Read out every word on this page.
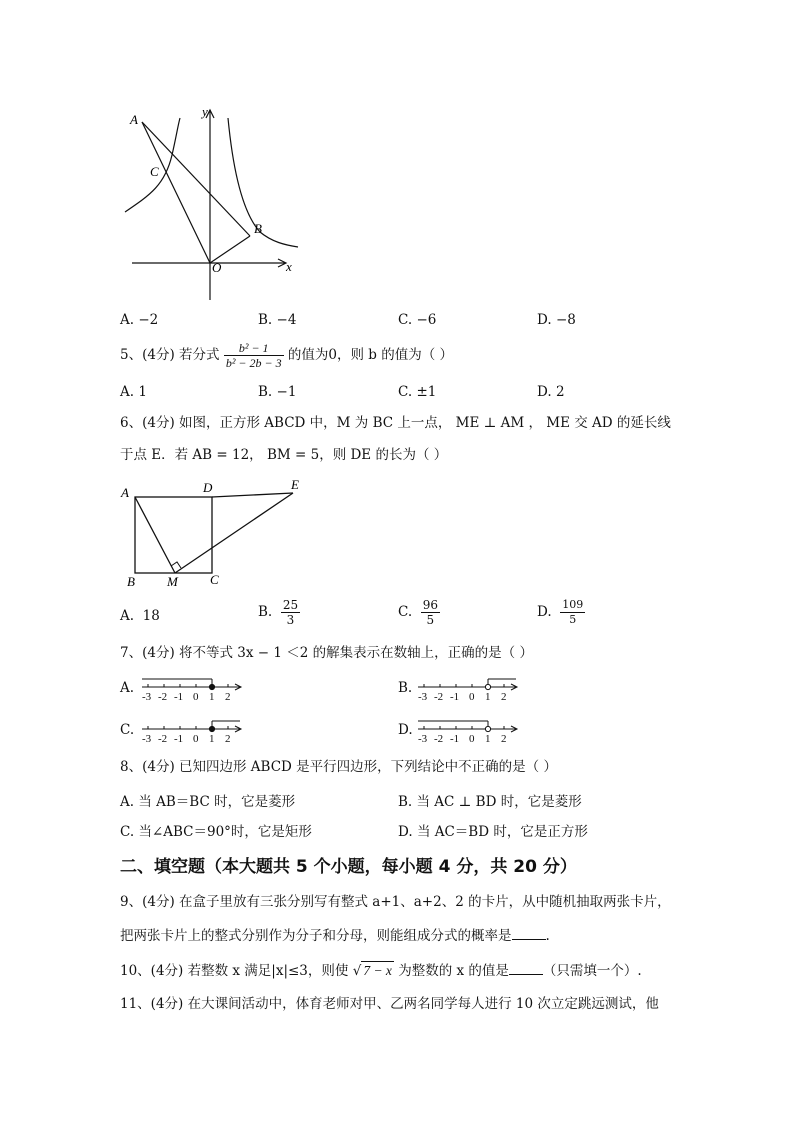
A
C
B
O	x
y
A. −2	B. −4	C. −6	D. −8
5、(4分) 若分式 $\frac{\text{b² − 1}}{\text{b² − 2b − 3}}$ 的值为0，则 b 的值为（ ）
A. 1	B. −1	C. ±1	D. 2
6、(4分) 如图，正方形 ABCD 中，M 为 BC 上一点， ME ⊥ AM ， ME 交 AD 的延长线
于点 E．若 AB = 12， BM = 5，则 DE 的长为（ ）
A	D	E
B M C
A. 18	B. $\frac{25}{3}$	C. $\frac{96}{5}$	D. $\frac{109}{5}$
7、(4分) 将不等式 3x − 1 ＜2 的解集表示在数轴上，正确的是（ ）
A.
-3 -2 -1 0 1 2
B.
-3 -2 -1 0 1 2
C.
-3 -2 -1 0 1 2
D.
-3 -2 -1 0 1 2
8、(4分) 已知四边形 ABCD 是平行四边形，下列结论中不正确的是（ ）
A. 当 AB＝BC 时，它是菱形	B. 当 AC ⊥ BD 时，它是菱形
C. 当∠ABC＝90°时，它是矩形	D. 当 AC＝BD 时，它是正方形
二、填空题（本大题共 5 个小题，每小题 4 分，共 20 分）
9、(4分) 在盒子里放有三张分别写有整式 a+1、a+2、2 的卡片，从中随机抽取两张卡片，
把两张卡片上的整式分别作为分子和分母，则能组成分式的概率是	.
10、(4分) 若整数 x 满足|x|≤3，则使 √ 7 − x 为整数的 x 的值是	（只需填一个）.
11、(4分) 在大课间活动中，体育老师对甲、乙两名同学每人进行 10 次立定跳远测试，他
